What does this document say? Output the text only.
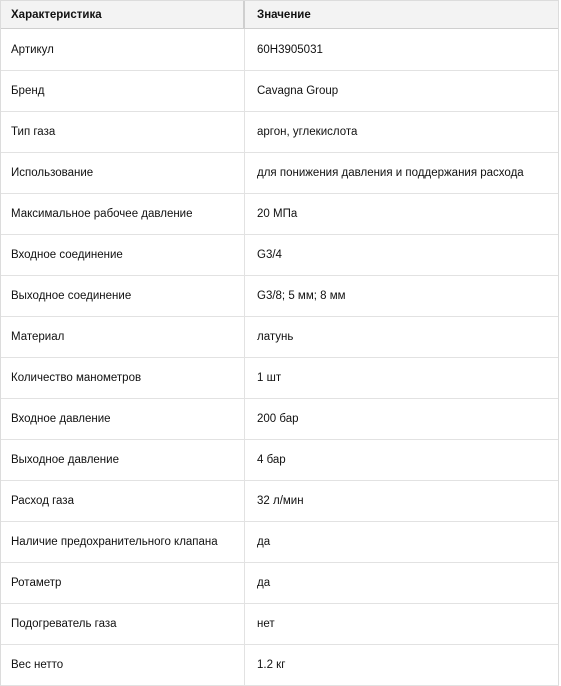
Характеристика	Значение
Артикул	60H3905031
Бренд	Cavagna Group
Тип газа	аргон, углекислота
Использование	для понижения давления и поддержания расхода
Максимальное рабочее давление	20 МПа
Входное соединение	G3/4
Выходное соединение	G3/8; 5 мм; 8 мм
Материал	латунь
Количество манометров	1 шт
Входное давление	200 бар
Выходное давление	4 бар
Расход газа	32 л/мин
Наличие предохранительного клапана	да
Ротаметр	да
Подогреватель газа	нет
Вес нетто	1.2 кг
